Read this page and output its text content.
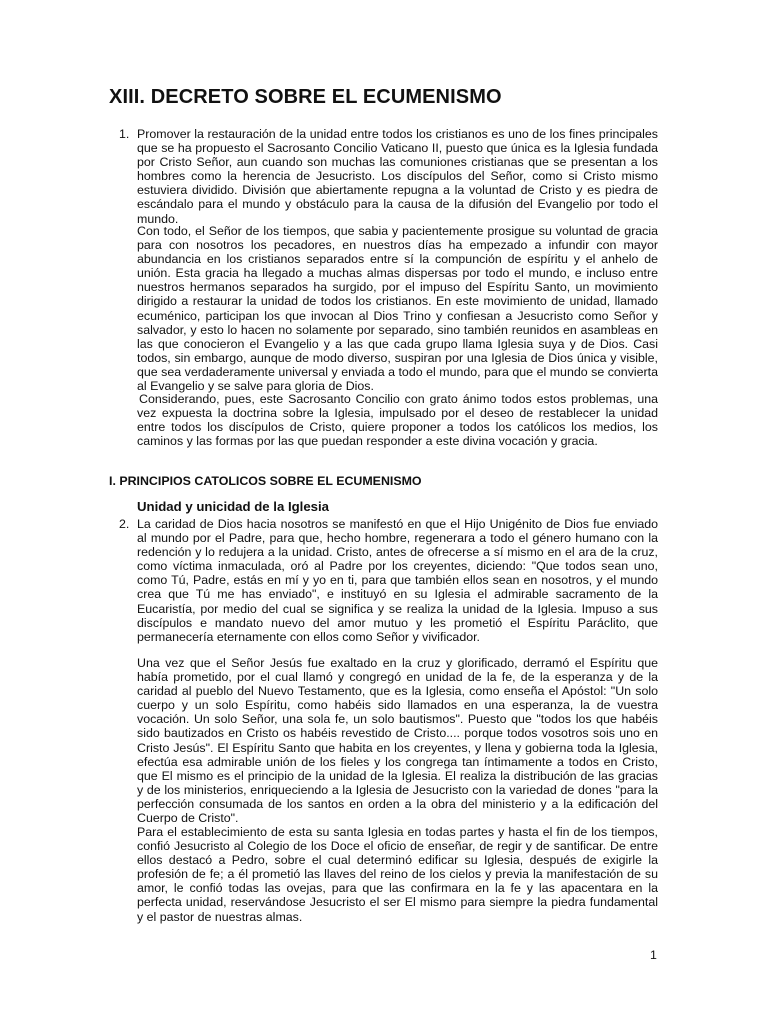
XIII. DECRETO SOBRE EL ECUMENISMO
1. Promover la restauración de la unidad entre todos los cristianos es uno de los fines principales que se ha propuesto el Sacrosanto Concilio Vaticano II, puesto que única es la Iglesia fundada por Cristo Señor, aun cuando son muchas las comuniones cristianas que se presentan a los hombres como la herencia de Jesucristo. Los discípulos del Señor, como si Cristo mismo estuviera dividido. División que abiertamente repugna a la voluntad de Cristo y es piedra de escándalo para el mundo y obstáculo para la causa de la difusión del Evangelio por todo el mundo.

Con todo, el Señor de los tiempos, que sabia y pacientemente prosigue su voluntad de gracia para con nosotros los pecadores, en nuestros días ha empezado a infundir con mayor abundancia en los cristianos separados entre sí la compunción de espíritu y el anhelo de unión. Esta gracia ha llegado a muchas almas dispersas por todo el mundo, e incluso entre nuestros hermanos separados ha surgido, por el impuso del Espíritu Santo, un movimiento dirigido a restaurar la unidad de todos los cristianos. En este movimiento de unidad, llamado ecuménico, participan los que invocan al Dios Trino y confiesan a Jesucristo como Señor y salvador, y esto lo hacen no solamente por separado, sino también reunidos en asambleas en las que conocieron el Evangelio y a las que cada grupo llama Iglesia suya y de Dios. Casi todos, sin embargo, aunque de modo diverso, suspiran por una Iglesia de Dios única y visible, que sea verdaderamente universal y enviada a todo el mundo, para que el mundo se convierta al Evangelio y se salve para gloria de Dios.

Considerando, pues, este Sacrosanto Concilio con grato ánimo todos estos problemas, una vez expuesta la doctrina sobre la Iglesia, impulsado por el deseo de restablecer la unidad entre todos los discípulos de Cristo, quiere proponer a todos los católicos los medios, los caminos y las formas por las que puedan responder a este divina vocación y gracia.

I. PRINCIPIOS CATOLICOS SOBRE EL ECUMENISMO
Unidad y unicidad de la Iglesia
2. La caridad de Dios hacia nosotros se manifestó en que el Hijo Unigénito de Dios fue enviado al mundo por el Padre, para que, hecho hombre, regenerara a todo el género humano con la redención y lo redujera a la unidad. Cristo, antes de ofrecerse a sí mismo en el ara de la cruz, como víctima inmaculada, oró al Padre por los creyentes, diciendo: "Que todos sean uno, como Tú, Padre, estás en mí y yo en ti, para que también ellos sean en nosotros, y el mundo crea que Tú me has enviado", e instituyó en su Iglesia el admirable sacramento de la Eucaristía, por medio del cual se significa y se realiza la unidad de la Iglesia. Impuso a sus discípulos e mandato nuevo del amor mutuo y les prometió el Espíritu Paráclito, que permanecería eternamente con ellos como Señor y vivificador.

Una vez que el Señor Jesús fue exaltado en la cruz y glorificado, derramó el Espíritu que había prometido, por el cual llamó y congregó en unidad de la fe, de la esperanza y de la caridad al pueblo del Nuevo Testamento, que es la Iglesia, como enseña el Apóstol: "Un solo cuerpo y un solo Espíritu, como habéis sido llamados en una esperanza, la de vuestra vocación. Un solo Señor, una sola fe, un solo bautismos". Puesto que "todos los que habéis sido bautizados en Cristo os habéis revestido de Cristo.... porque todos vosotros sois uno en Cristo Jesús". El Espíritu Santo que habita en los creyentes, y llena y gobierna toda la Iglesia, efectúa esa admirable unión de los fieles y los congrega tan íntimamente a todos en Cristo, que El mismo es el principio de la unidad de la Iglesia. El realiza la distribución de las gracias y de los ministerios, enriqueciendo a la Iglesia de Jesucristo con la variedad de dones "para la perfección consumada de los santos en orden a la obra del ministerio y a la edificación del Cuerpo de Cristo".

Para el establecimiento de esta su santa Iglesia en todas partes y hasta el fin de los tiempos, confió Jesucristo al Colegio de los Doce el oficio de enseñar, de regir y de santificar. De entre ellos destacó a Pedro, sobre el cual determinó edificar su Iglesia, después de exigirle la profesión de fe; a él prometió las llaves del reino de los cielos y previa la manifestación de su amor, le confió todas las ovejas, para que las confirmara en la fe y las apacentara en la perfecta unidad, reservándose Jesucristo el ser El mismo para siempre la piedra fundamental y el pastor de nuestras almas.

1
